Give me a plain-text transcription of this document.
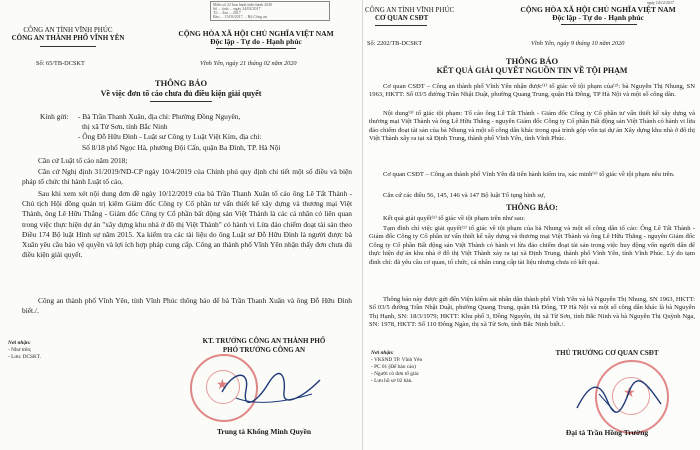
Miền số 22 ban hành hiện hành 2020
Số ... tịnh ... ngày 24/02/2017
Tổ ... lưu ... 2017
Bảo ... 15/03/2017 ... Bộ Công an
CÔNG AN TỈNH VĨNH PHÚC
CÔNG AN THÀNH PHỐ VĨNH YÊN	CỘNG HÒA XÃ HỘI CHỦ NGHĨA VIỆT NAM
Độc lập - Tự do - Hạnh phúc
Số: 65/TB-DCSKT	Vĩnh Yên, ngày 21 tháng 02 năm 2020
THÔNG BÁO
Về việc đơn tố cáo chưa đủ điều kiện giải quyết
Kính gửi: - Bà Trần Thanh Xuân, địa chỉ: Phường Đồng Nguyên,
thị xã Từ Sơn, tỉnh Bắc Ninh
- Ông Đỗ Hữu Đình - Luật sư Công ty Luật Việt Kim, địa chỉ:
Số 8/18 phố Ngọc Hà, phường Đội Cấn, quận Ba Đình, TP. Hà Nội

Căn cứ Luật tố cáo năm 2018;

Căn cứ Nghị định 31/2019/ND-CP ngày 10/4/2019 của Chính phủ quy định chi tiết một số điều và biện pháp tổ chức thi hành Luật tố cáo,

Sau khi xem xét nội dung đơn đề ngày 10/12/2019 của bà Trần Thanh Xuân tố cáo ông Lê Tất Thành - Chủ tịch Hội đồng quản trị kiêm Giám đốc Công ty Cổ phần tư vấn thiết kế xây dựng và thương mại Việt Thành, ông Lê Hữu Thắng - Giám đốc Công ty Cổ phần bất động sản Việt Thành là các cá nhân có liên quan trong việc thực hiện dự án "xây dựng khu nhà ở đô thị Việt Thành" có hành vi Lừa đảo chiếm đoạt tài sản theo Điều 174 Bộ luật Hình sự năm 2015. Xa kiểm tra các tài liệu do ông Luật sư Đỗ Hữu Đình là người được bà Xuân yêu cầu bảo vệ quyền và lợi ích hợp pháp cung cấp. Công an thành phố Vĩnh Yên nhận thấy đơn chưa đủ điều kiện giải quyết.

Công an thành phố Vĩnh Yên, tỉnh Vĩnh Phúc thông báo để bà Trần Thanh Xuân và ông Đỗ Hữu Đình biết./.

Nơi nhận:
- Như trên;
- Lưu: DCSKT.
KT. TRƯỞNG CÔNG AN THÀNH PHỐ
PHÓ TRƯỞNG CÔNG AN
★
Trung tá Khổng Minh Quyền
ngày 14/12/2017
CÔNG AN TỈNH VĨNH PHÚC
CƠ QUAN CSĐT
CỘNG HÒA XÃ HỘI CHỦ NGHĨA VIỆT NAM
Độc lập - Tự do - Hạnh phúc
Số: 2202/TB-DCSKT	Vĩnh Yên, ngày 9 tháng 10 năm 2020
THÔNG BÁO
KẾT QUẢ GIẢI QUYẾT NGUỒN TIN VỀ TỘI PHẠM

Cơ quan CSĐT – Công an thành phố Vĩnh Yên nhận được⁽¹⁾ tố giác về tội phạm của⁽²⁾: bà Nguyễn Thị Nhung, SN 1963, HKTT: Số 03/5 đường Trần Nhật Duật, phường Quang Trung, quận Hà Đông, TP Hà Nội và một số công dân.

Nội dung⁽³⁾ tố giác tội phạm: Tố cáo ông Lê Tất Thành - Giám đốc Công ty Cổ phần tư vấn thiết kế xây dựng và thương mại Việt Thành và ông Lê Hữu Thắng - nguyên Giám đốc Công ty Cổ phần Bất động sản Việt Thành có hành vi lừa đảo chiếm đoạt tài sản của bà Nhung và một số công dân khác trong quá trình góp vốn tại dự án Xây dựng khu nhà ở đô thị Việt Thành xây ra tại xã Định Trung, thành phố Vĩnh Yên, tỉnh Vĩnh Phúc.

Cơ quan CSĐT – Công an thành phố Vĩnh Yên đã tiến hành kiểm tra, xác minh⁽¹⁾ tố giác về tội phạm nêu trên.

Căn cứ các điều 56, 145, 146 và 147 Bộ luật Tố tụng hình sự,

THÔNG BÁO:

Kết quả giải quyết⁽¹⁾ tố giác về tội phạm trên như sau:

Tạm đình chỉ việc giải quyết⁽¹⁾ tố giác về tội phạm của bà Nhung và một số công dân tố cáo: Ông Lê Tất Thành - Giám đốc Công ty Cổ phần tư vấn thiết kế xây dựng và thương mại Việt Thành và ông Lê Hữu Thắng - nguyên Giám đốc Công ty Cổ phần Bất động sản Việt Thành có hành vi lừa đảo chiếm đoạt tài sản trong việc huy động vốn người dân để thực hiện dự án khu nhà ở đô thị Việt Thành xảy ra tại xã Định Trung, thành phố Vĩnh Yên, tỉnh Vĩnh Phúc. Lý do tạm đình chỉ: đã yêu cầu cơ quan, tổ chức, cá nhân cung cấp tài liệu nhưng chưa có kết quả.

Thông báo này được gửi đến Viện kiểm sát nhân dân thành phố Vĩnh Yên và bà Nguyễn Thị Nhung, SN 1963, HKTT: Số 03/5 đường Trần Nhật Duật, phường Quang Trung, quận Hà Đông, TP Hà Nội và một số công dân khác là bà Nguyễn Thị Hạnh, SN: 18/3/1979; HKTT: Khu phố 3, Đồng Nguyên, thị xã Từ Sơn, tỉnh Bắc Ninh và bà Nguyễn Thị Quỳnh Nga, SN: 1978, HKTT: Số 110 Đông Ngàn, thị xã Từ Sơn, tỉnh Bắc Ninh biết./.

Nơi nhận:
- VKSND TP. Vĩnh Yên
- PC 01 (Để báo cáo)
- Người có đơn tố giác
- Lưu hồ sơ 02 bản.
THỦ TRƯỞNG CƠ QUAN CSĐT
★
Đại tá Trần Hồng Trường
